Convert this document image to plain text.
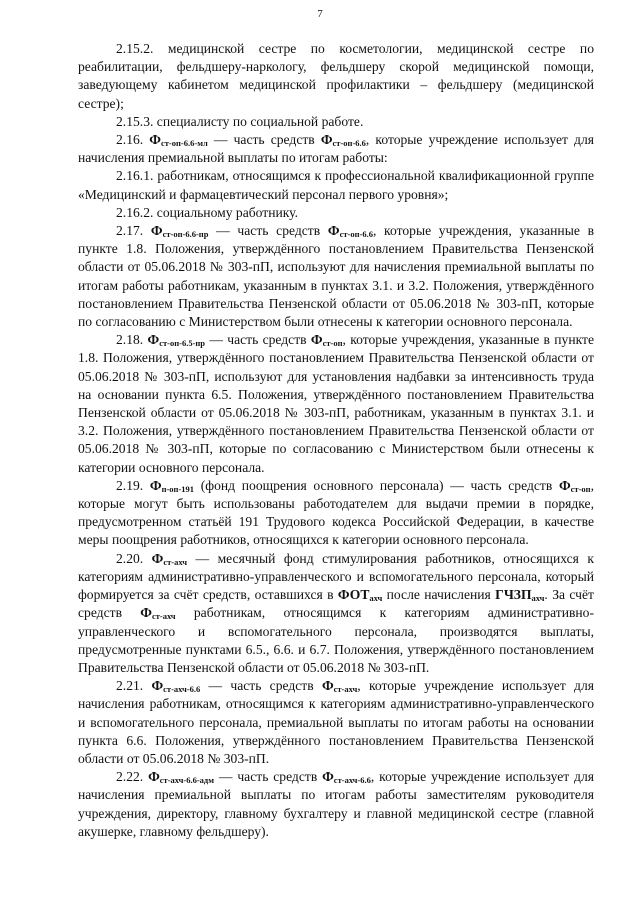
7

2.15.2. медицинской сестре по косметологии, медицинской сестре по реабилитации, фельдшеру-наркологу, фельдшеру скорой медицинской помощи, заведующему кабинетом медицинской профилактики – фельдшеру (медицинской сестре);

2.15.3. специалисту по социальной работе.

2.16. $Ф_{ст-оп-6.6-мл}$ — часть средств $Ф_{ст-оп-6.6}$, которые учреждение использует для начисления премиальной выплаты по итогам работы:

2.16.1. работникам, относящимся к профессиональной квалификационной группе «Медицинский и фармацевтический персонал первого уровня»;

2.16.2. социальному работнику.

2.17. $Ф_{ст-оп-6.6-пр}$ — часть средств $Ф_{ст-оп-6.6}$, которые учреждения, указанные в пункте 1.8. Положения, утверждённого постановлением Правительства Пензенской области от 05.06.2018 № 303-пП, используют для начисления премиальной выплаты по итогам работы работникам, указанным в пунктах 3.1. и 3.2. Положения, утверждённого постановлением Правительства Пензенской области от 05.06.2018 № 303-пП, которые по согласованию с Министерством были отнесены к категории основного персонала.

2.18. $Ф_{ст-оп-6.5-пр}$ — часть средств $Ф_{ст-оп}$, которые учреждения, указанные в пункте 1.8. Положения, утверждённого постановлением Правительства Пензенской области от 05.06.2018 № 303-пП, используют для установления надбавки за интенсивность труда на основании пункта 6.5. Положения, утверждённого постановлением Правительства Пензенской области от 05.06.2018 № 303-пП, работникам, указанным в пунктах 3.1. и 3.2. Положения, утверждённого постановлением Правительства Пензенской области от 05.06.2018 № 303-пП, которые по согласованию с Министерством были отнесены к категории основного персонала.

2.19. $Ф_{п-оп-191}$ (фонд поощрения основного персонала) — часть средств $Ф_{ст-оп}$, которые могут быть использованы работодателем для выдачи премии в порядке, предусмотренном статьёй 191 Трудового кодекса Российской Федерации, в качестве меры поощрения работников, относящихся к категории основного персонала.

2.20. $Ф_{ст-ахч}$ — месячный фонд стимулирования работников, относящихся к категориям административно-управленческого и вспомогательного персонала, который формируется за счёт средств, оставшихся в $ФОТ_{ахч}$ после начисления $ГЧЗП_{ахч}$. За счёт средств $Ф_{ст-ахч}$ работникам, относящимся к категориям административно-управленческого и вспомогательного персонала, производятся выплаты, предусмотренные пунктами 6.5., 6.6. и 6.7. Положения, утверждённого постановлением Правительства Пензенской области от 05.06.2018 № 303-пП.

2.21. $Ф_{ст-ахч-6.6}$ — часть средств $Ф_{ст-ахч}$, которые учреждение использует для начисления работникам, относящимся к категориям административно-управленческого и вспомогательного персонала, премиальной выплаты по итогам работы на основании пункта 6.6. Положения, утверждённого постановлением Правительства Пензенской области от 05.06.2018 № 303-пП.

2.22. $Ф_{ст-ахч-6.6-адм}$ — часть средств $Ф_{ст-ахч-6.6}$, которые учреждение использует для начисления премиальной выплаты по итогам работы заместителям руководителя учреждения, директору, главному бухгалтеру и главной медицинской сестре (главной акушерке, главному фельдшеру).
